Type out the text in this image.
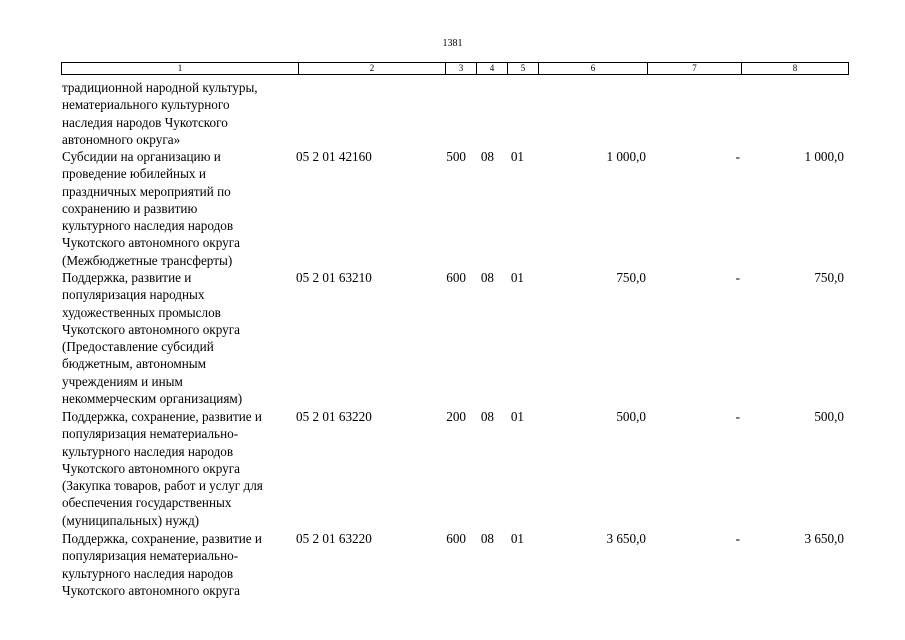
1381
1	2	3	4	5	6	7	8
традиционной народной культуры,
нематериального культурного
наследия народов Чукотского
автономного округа»
Субсидии на организацию и
проведение юбилейных и
праздничных мероприятий по
сохранению и развитию
культурного наследия народов
Чукотского автономного округа
(Межбюджетные трансферты)
05 2 01 42160	500	08	01	1 000,0	-	1 000,0
Поддержка, развитие и
популяризация народных
художественных промыслов
Чукотского автономного округа
(Предоставление субсидий
бюджетным, автономным
учреждениям и иным
некоммерческим организациям)
05 2 01 63210	600	08	01	750,0	-	750,0
Поддержка, сохранение, развитие и
популяризация нематериально-
культурного наследия народов
Чукотского автономного округа
(Закупка товаров, работ и услуг для
обеспечения государственных
(муниципальных) нужд)
05 2 01 63220	200	08	01	500,0	-	500,0
Поддержка, сохранение, развитие и
популяризация нематериально-
культурного наследия народов
Чукотского автономного округа
05 2 01 63220	600	08	01	3 650,0	-	3 650,0
